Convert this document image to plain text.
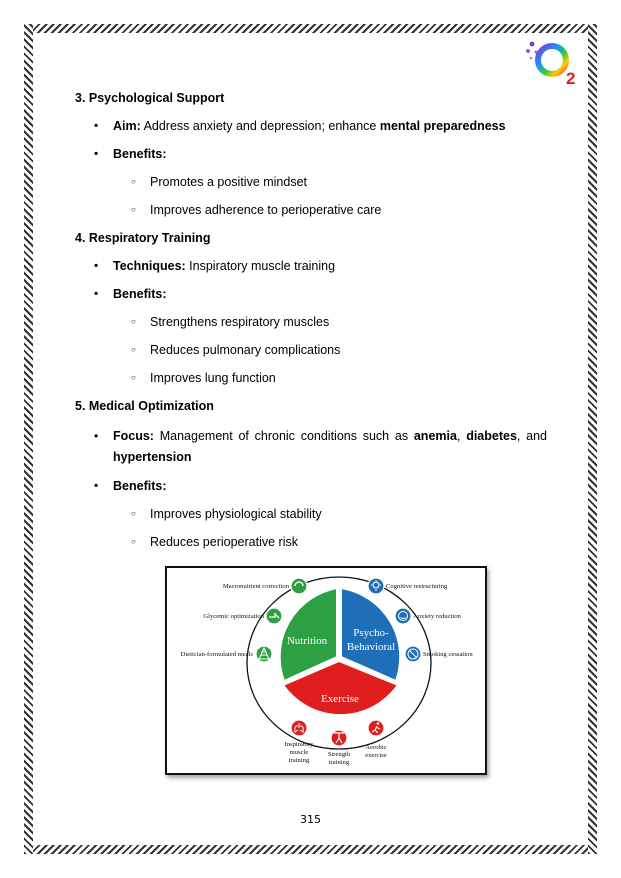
2

3. Psychological Support

• Aim: Address anxiety and depression; enhance mental preparedness
• Benefits:
○ Promotes a positive mindset
○ Improves adherence to perioperative care

4. Respiratory Training

• Techniques: Inspiratory muscle training
• Benefits:
○ Strengthens respiratory muscles
○ Reduces pulmonary complications
○ Improves lung function

5. Medical Optimization

• Focus: Management of chronic conditions such as anemia, diabetes, and hypertension
• Benefits:
○ Improves physiological stability
○ Reduces perioperative risk
Nutrition
Psycho-
Behavioral
Exercise
Macronutrient correction
Glycemic optimization
Dietician-formulated meals
Cognitive restructuring
Anxiety reduction
Smoking cessation
Inspiratory
muscle
training
Strength
training
Aerobic
exercise
315
